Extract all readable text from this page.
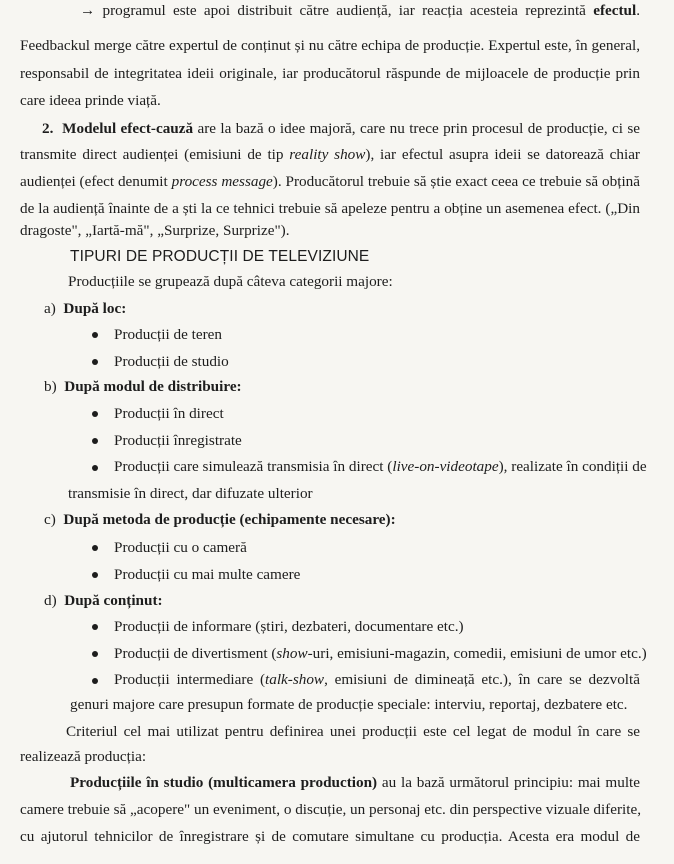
→ programul este apoi distribuit către audiență, iar reacția acesteia reprezintă efectul.
Feedbackul merge către expertul de conținut și nu către echipa de producție. Expertul este, în general,
responsabil de integritatea ideii originale, iar producătorul răspunde de mijloacele de producție prin
care ideea prinde viață.
2. Modelul efect-cauză are la bază o idee majoră, care nu trece prin procesul de producție, ci se
transmite direct audienței (emisiuni de tip reality show), iar efectul asupra ideii se datorează chiar
audienței (efect denumit process message). Producătorul trebuie să știe exact ceea ce trebuie să obțină
de la audiență înainte de a ști la ce tehnici trebuie să apeleze pentru a obține un asemenea efect. („Din
dragoste", „Iartă-mă", „Surprize, Surprize").
TIPURI DE PRODUCȚII DE TELEVIZIUNE
Producțiile se grupează după câteva categorii majore:
a) După loc:
Producții de teren
Producții de studio
b) După modul de distribuire:
Producții în direct
Producții înregistrate
Producții care simulează transmisia în direct (live-on-videotape), realizate în condiții de
transmisie în direct, dar difuzate ulterior
c) După metoda de producție (echipamente necesare):
Producții cu o cameră
Producții cu mai multe camere
d) După conținut:
Producții de informare (știri, dezbateri, documentare etc.)
Producții de divertisment (show-uri, emisiuni-magazin, comedii, emisiuni de umor etc.)
Producții intermediare (talk-show, emisiuni de dimineață etc.), în care se dezvoltă
genuri majore care presupun formate de producție speciale: interviu, reportaj, dezbatere etc.
Criteriul cel mai utilizat pentru definirea unei producții este cel legat de modul în care se
realizează producția:
Producțiile în studio (multicamera production) au la bază următorul principiu: mai multe
camere trebuie să „acopere" un eveniment, o discuție, un personaj etc. din perspective vizuale diferite,
cu ajutorul tehnicilor de înregistrare și de comutare simultane cu producția. Acesta era modul de
